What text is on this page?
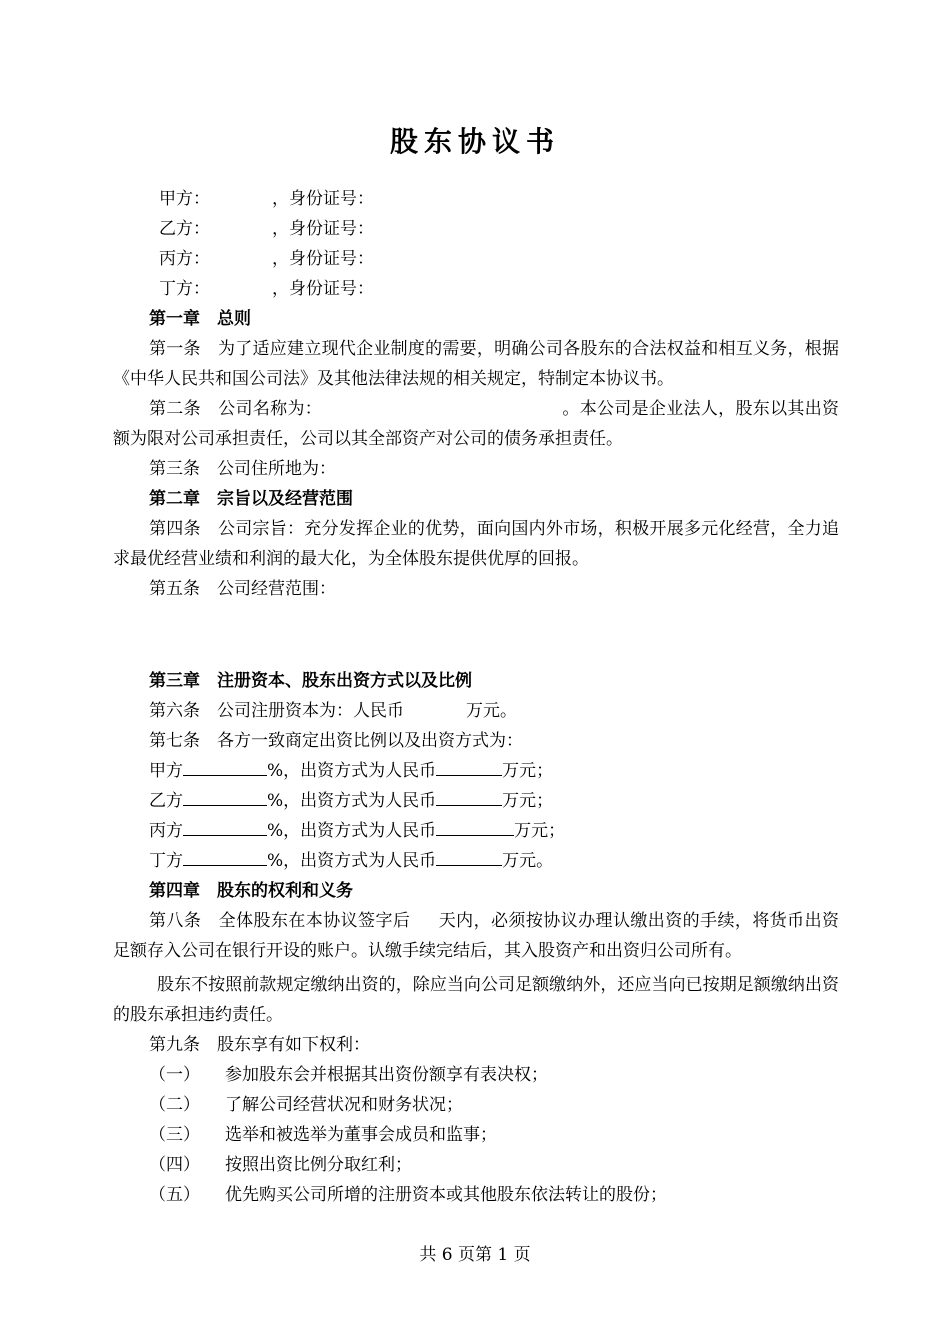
股东协议书
甲方：	，身份证号：
乙方：	，身份证号：
丙方：	，身份证号：
丁方：	，身份证号：
第一章　总则
第一条　为了适应建立现代企业制度的需要，明确公司各股东的合法权益和相互义务，根据《中华人民共和国公司法》及其他法律法规的相关规定，特制定本协议书。
第二条　公司名称为：	。本公司是企业法人，股东以其出资额为限对公司承担责任，公司以其全部资产对公司的债务承担责任。
第三条　公司住所地为：
第二章　宗旨以及经营范围
第四条　公司宗旨：充分发挥企业的优势，面向国内外市场，积极开展多元化经营，全力追求最优经营业绩和利润的最大化，为全体股东提供优厚的回报。
第五条　公司经营范围：
第三章　注册资本、股东出资方式以及比例
第六条　公司注册资本为：人民币	万元。
第七条　各方一致商定出资比例以及出资方式为：
甲方	%，出资方式为人民币	万元；
乙方	%，出资方式为人民币	万元；
丙方	%，出资方式为人民币	万元；
丁方	%，出资方式为人民币	万元。
第四章　股东的权利和义务
第八条　全体股东在本协议签字后 天内，必须按协议办理认缴出资的手续，将货币出资足额存入公司在银行开设的账户。认缴手续完结后，其入股资产和出资归公司所有。
股东不按照前款规定缴纳出资的，除应当向公司足额缴纳外，还应当向已按期足额缴纳出资的股东承担违约责任。
第九条　股东享有如下权利：
（一） 参加股东会并根据其出资份额享有表决权；
（二） 了解公司经营状况和财务状况；
（三） 选举和被选举为董事会成员和监事；
（四） 按照出资比例分取红利；
（五） 优先购买公司所增的注册资本或其他股东依法转让的股份；
共 6 页第 1 页
